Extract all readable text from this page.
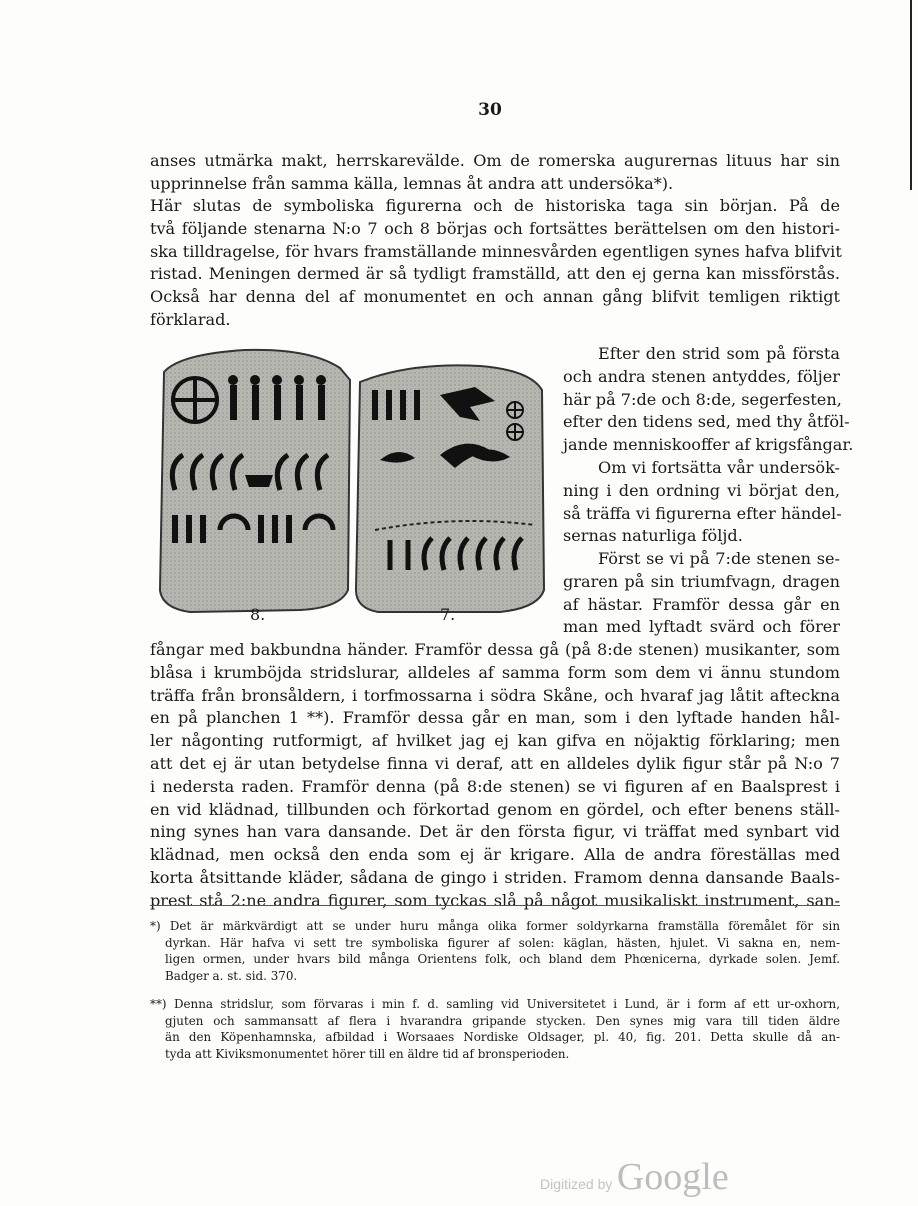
30
anses utmärka makt, herrskarevälde. Om de romerska augurernas lituus har sin
upprinnelse från samma källa, lemnas åt andra att undersöka*).
Här slutas de symboliska figurerna och de historiska taga sin början. På de
två följande stenarna N:o 7 och 8 börjas och fortsättes berättelsen om den histori-
ska tilldragelse, för hvars framställande minnesvården egentligen synes hafva blifvit
ristad. Meningen dermed är så tydligt framställd, att den ej gerna kan missförstås.
Också har denna del af monumentet en och annan gång blifvit temligen riktigt
förklarad.
8.	7.
Efter den strid som på första
och andra stenen antyddes, följer
här på 7:de och 8:de, segerfesten,
efter den tidens sed, med thy åtföl-
jande menniskooffer af krigsfångar.
Om vi fortsätta vår undersök-
ning i den ordning vi börjat den,
så träffa vi figurerna efter händel-
sernas naturliga följd.
Först se vi på 7:de stenen se-
graren på sin triumfvagn, dragen
af hästar. Framför dessa går en
man med lyftadt svärd och förer
fångar med bakbundna händer. Framför dessa gå (på 8:de stenen) musikanter, som
blåsa i krumböjda stridslurar, alldeles af samma form som dem vi ännu stundom
träffa från bronsåldern, i torfmossarna i södra Skåne, och hvaraf jag låtit afteckna
en på planchen 1 **). Framför dessa går en man, som i den lyftade handen hål-
ler någonting rutformigt, af hvilket jag ej kan gifva en nöjaktig förklaring; men
att det ej är utan betydelse finna vi deraf, att en alldeles dylik figur står på N:o 7
i nedersta raden. Framför denna (på 8:de stenen) se vi figuren af en Baalsprest i
en vid klädnad, tillbunden och förkortad genom en gördel, och efter benens ställ-
ning synes han vara dansande. Det är den första figur, vi träffat med synbart vid
klädnad, men också den enda som ej är krigare. Alla de andra föreställas med
korta åtsittande kläder, sådana de gingo i striden. Framom denna dansande Baals-
prest stå 2:ne andra figurer, som tyckas slå på något musikaliskt instrument, san-
*) Det är märkvärdigt att se under huru många olika former soldyrkarna framställa föremålet för sin
dyrkan. Här hafva vi sett tre symboliska figurer af solen: käglan, hästen, hjulet. Vi sakna en, nem-
ligen ormen, under hvars bild många Orientens folk, och bland dem Phœnicerna, dyrkade solen. Jemf.
Badger a. st. sid. 370.
**) Denna stridslur, som förvaras i min f. d. samling vid Universitetet i Lund, är i form af ett ur-oxhorn,
gjuten och sammansatt af flera i hvarandra gripande stycken. Den synes mig vara till tiden äldre
än den Köpenhamnska, afbildad i Worsaaes Nordiske Oldsager, pl. 40, fig. 201. Detta skulle då an-
tyda att Kiviksmonumentet hörer till en äldre tid af bronsperioden.
Digitized by Google
